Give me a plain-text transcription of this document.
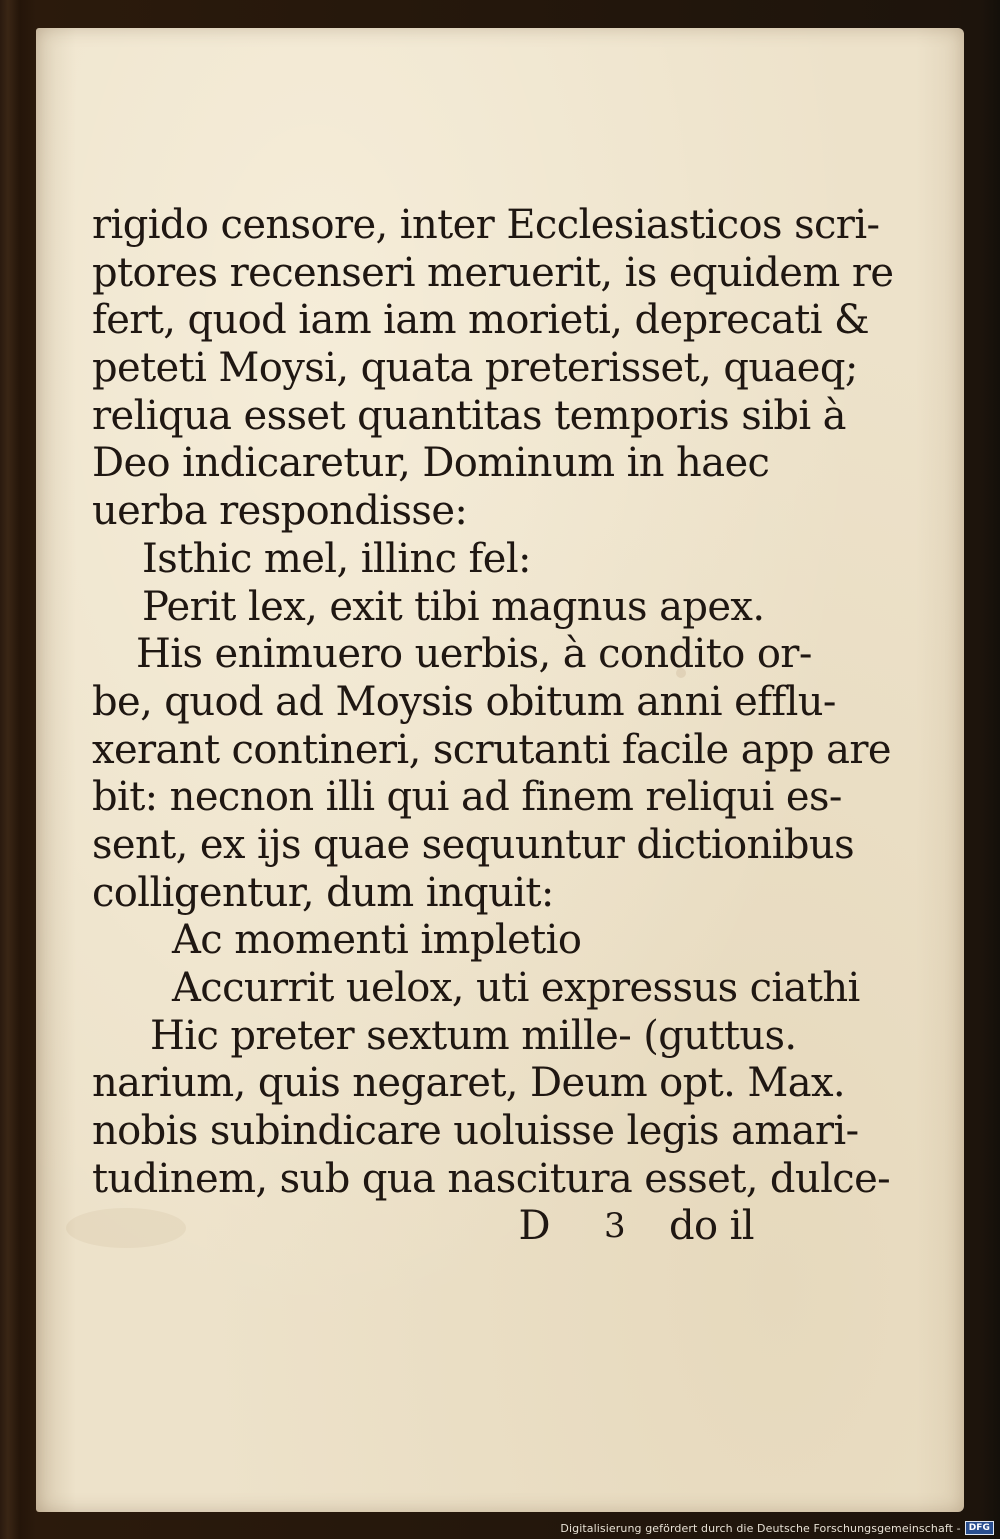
rigido censore, inter Ecclesiasticos scri-
ptores recenseri meruerit, is equidem re
fert, quod iam iam morieti, deprecati &
peteti Moysi, quata preterisset, quaeq;
reliqua esset quantitas temporis sibi à
Deo indicaretur, Dominum in haec
uerba respondisse:
Isthic mel, illinc fel:
Perit lex, exit tibi magnus apex.
His enimuero uerbis, à condito or-
be, quod ad Moysis obitum anni efflu-
xerant contineri, scrutanti facile app are
bit: necnon illi qui ad finem reliqui es-
sent, ex ijs quae sequuntur dictionibus
colligentur, dum inquit:
Ac momenti impletio
Accurrit uelox, uti expressus ciathi
Hic preter sextum mille- (guttus.
narium, quis negaret, Deum opt. Max.
nobis subindicare uoluisse legis amari-
tudinem, sub qua nascitura esset, dulce-
D 3 do il
Digitalisierung gefördert durch die Deutsche Forschungsgemeinschaft - DFG
